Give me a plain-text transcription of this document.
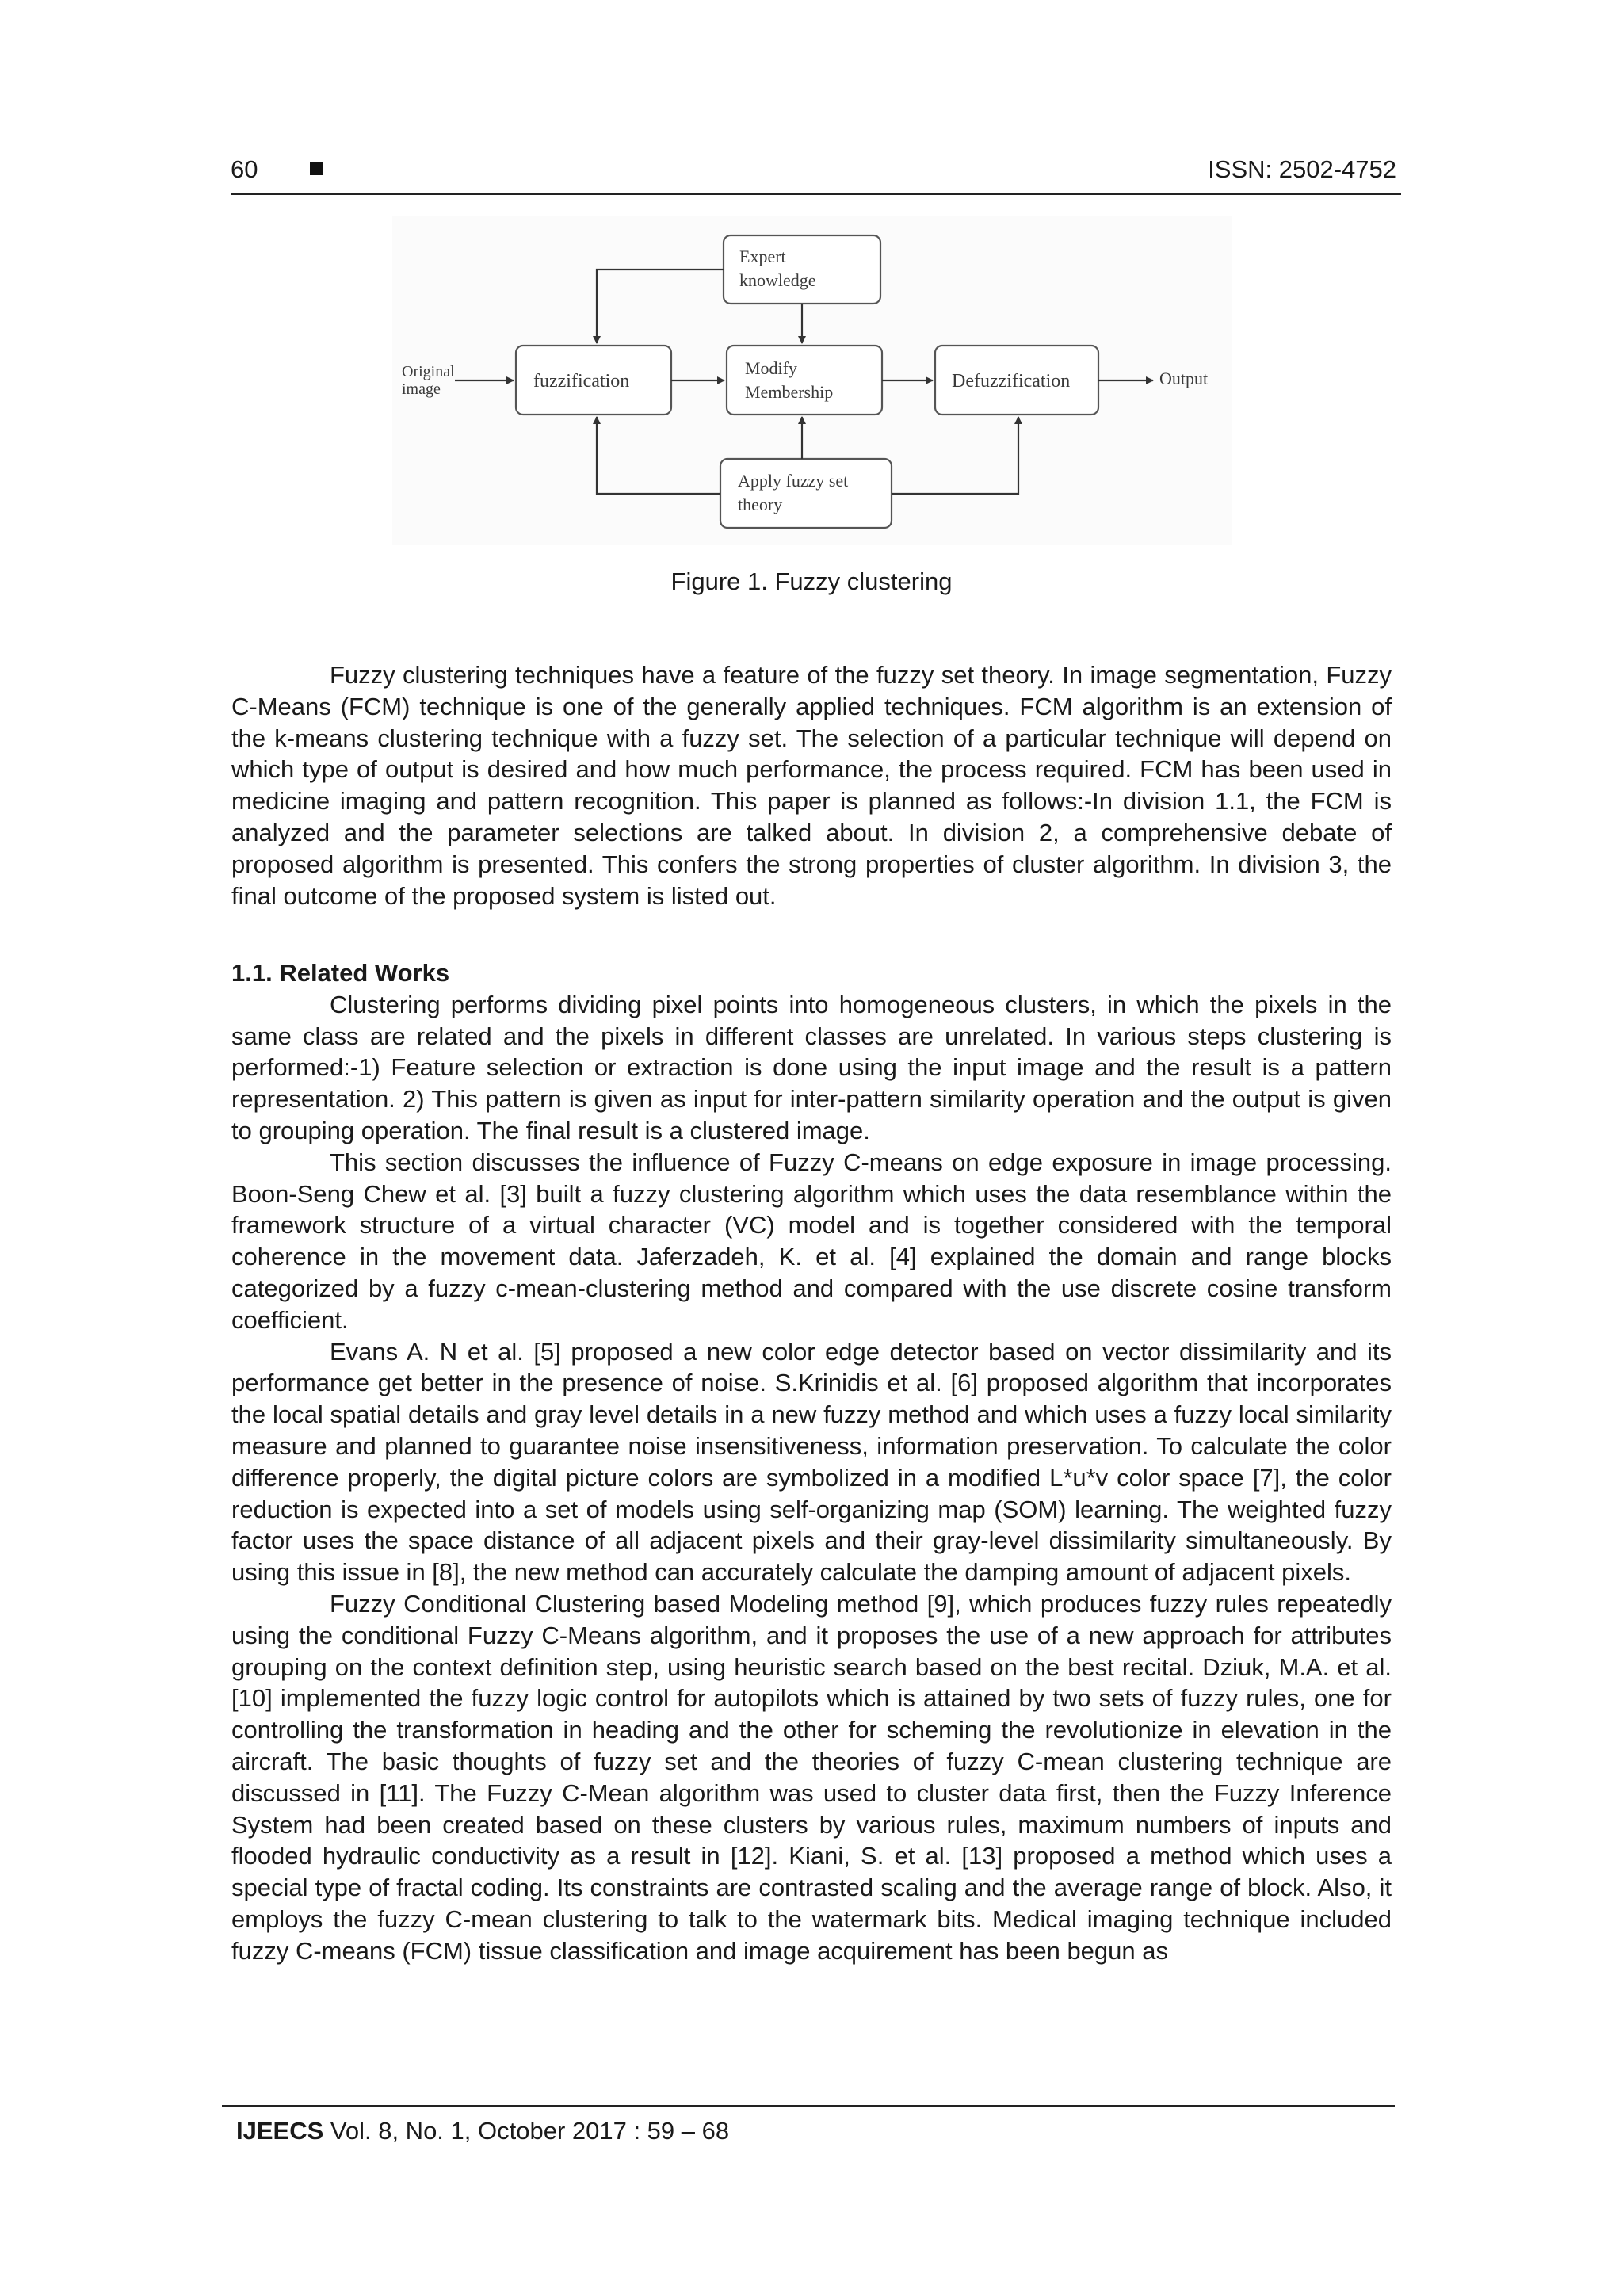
60	ISSN: 2502-4752
Original
image	fuzzification
Expert
knowledge
Modify
Membership
Defuzzification	Output
Apply fuzzy set
theory
Figure 1. Fuzzy clustering

Fuzzy clustering techniques have a feature of the fuzzy set theory. In image segmentation, Fuzzy C-Means (FCM) technique is one of the generally applied techniques. FCM algorithm is an extension of the k-means clustering technique with a fuzzy set. The selection of a particular technique will depend on which type of output is desired and how much performance, the process required. FCM has been used in medicine imaging and pattern recognition. This paper is planned as follows:-In division 1.1, the FCM is analyzed and the parameter selections are talked about. In division 2, a comprehensive debate of proposed algorithm is presented. This confers the strong properties of cluster algorithm. In division 3, the final outcome of the proposed system is listed out.

1.1. Related Works

Clustering performs dividing pixel points into homogeneous clusters, in which the pixels in the same class are related and the pixels in different classes are unrelated. In various steps clustering is performed:-1) Feature selection or extraction is done using the input image and the result is a pattern representation. 2) This pattern is given as input for inter-pattern similarity operation and the output is given to grouping operation. The final result is a clustered image.

This section discusses the influence of Fuzzy C-means on edge exposure in image processing. Boon-Seng Chew et al. [3] built a fuzzy clustering algorithm which uses the data resemblance within the framework structure of a virtual character (VC) model and is together considered with the temporal coherence in the movement data. Jaferzadeh, K. et al. [4] explained the domain and range blocks categorized by a fuzzy c-mean-clustering method and compared with the use discrete cosine transform coefficient.

Evans A. N et al. [5] proposed a new color edge detector based on vector dissimilarity and its performance get better in the presence of noise. S.Krinidis et al. [6] proposed algorithm that incorporates the local spatial details and gray level details in a new fuzzy method and which uses a fuzzy local similarity measure and planned to guarantee noise insensitiveness, information preservation. To calculate the color difference properly, the digital picture colors are symbolized in a modified L*u*v color space [7], the color reduction is expected into a set of models using self-organizing map (SOM) learning. The weighted fuzzy factor uses the space distance of all adjacent pixels and their gray-level dissimilarity simultaneously. By using this issue in [8], the new method can accurately calculate the damping amount of adjacent pixels.

Fuzzy Conditional Clustering based Modeling method [9], which produces fuzzy rules repeatedly using the conditional Fuzzy C-Means algorithm, and it proposes the use of a new approach for attributes grouping on the context definition step, using heuristic search based on the best recital. Dziuk, M.A. et al.[10] implemented the fuzzy logic control for autopilots which is attained by two sets of fuzzy rules, one for controlling the transformation in heading and the other for scheming the revolutionize in elevation in the aircraft. The basic thoughts of fuzzy set and the theories of fuzzy C-mean clustering technique are discussed in [11]. The Fuzzy C-Mean algorithm was used to cluster data first, then the Fuzzy Inference System had been created based on these clusters by various rules, maximum numbers of inputs and flooded hydraulic conductivity as a result in [12]. Kiani, S. et al. [13] proposed a method which uses a special type of fractal coding. Its constraints are contrasted scaling and the average range of block. Also, it employs the fuzzy C-mean clustering to talk to the watermark bits. Medical imaging technique included fuzzy C-means (FCM) tissue classification and image acquirement has been begun as

IJEECS Vol. 8, No. 1, October 2017 : 59 – 68
